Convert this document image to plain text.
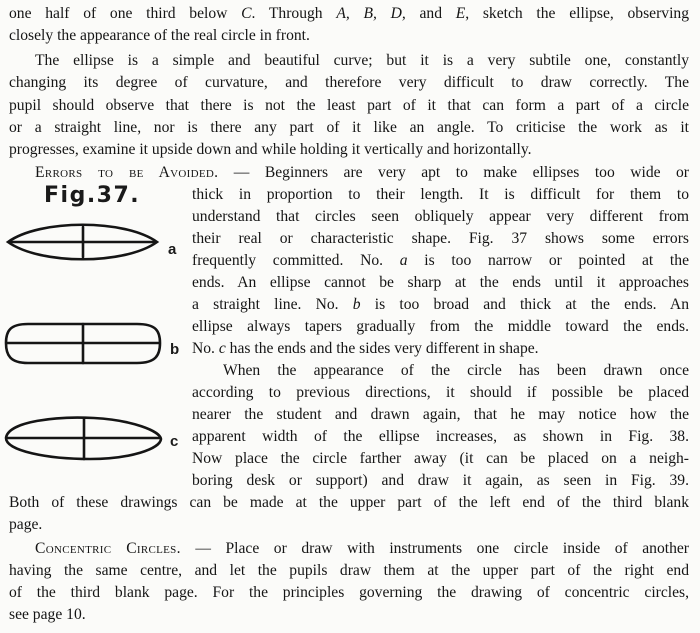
one half of one third below C. Through A, B, D, and E, sketch the ellipse, observing
closely the appearance of the real circle in front.
The ellipse is a simple and beautiful curve; but it is a very subtile one, constantly
changing its degree of curvature, and therefore very difficult to draw correctly. The
pupil should observe that there is not the least part of it that can form a part of a circle
or a straight line, nor is there any part of it like an angle. To criticise the work as it
progresses, examine it upside down and while holding it vertically and horizontally.
Errors to be Avoided. — Beginners are very apt to make ellipses too wide or
thick in proportion to their length. It is difficult for them to
understand that circles seen obliquely appear very different from
their real or characteristic shape. Fig. 37 shows some errors
frequently committed. No. a is too narrow or pointed at the
ends. An ellipse cannot be sharp at the ends until it approaches
a straight line. No. b is too broad and thick at the ends. An
ellipse always tapers gradually from the middle toward the ends.
No. c has the ends and the sides very different in shape.
When the appearance of the circle has been drawn once
according to previous directions, it should if possible be placed
nearer the student and drawn again, that he may notice how the
apparent width of the ellipse increases, as shown in Fig. 38.
Now place the circle farther away (it can be placed on a neigh-
boring desk or support) and draw it again, as seen in Fig. 39.
Both of these drawings can be made at the upper part of the left end of the third blank
page.
Concentric Circles. — Place or draw with instruments one circle inside of another
having the same centre, and let the pupils draw them at the upper part of the right end
of the third blank page. For the principles governing the drawing of concentric circles,
see page 10.
Fig.37.
a
b
c
